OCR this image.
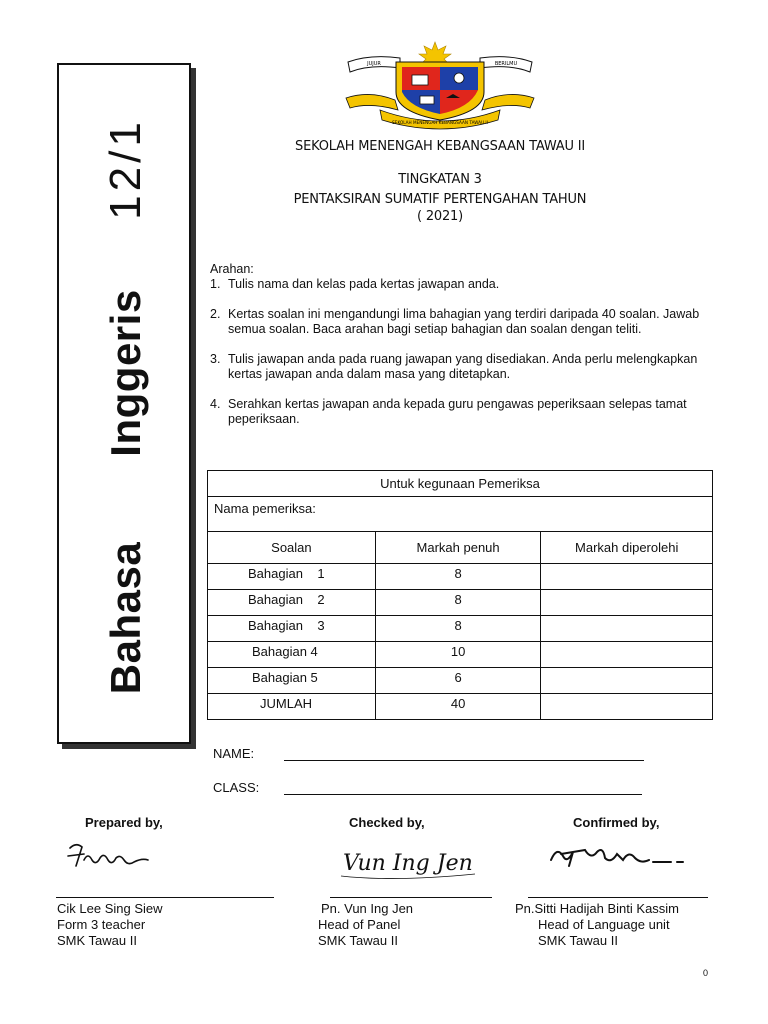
Bahasa
Inggeris
12/1
JUJUR	BERILMU
SEKOLAH MENENGAH KEBANGSAAN TAWAU II
SEKOLAH MENENGAH KEBANGSAAN TAWAU II
TINGKATAN 3
PENTAKSIRAN SUMATIF PERTENGAHAN TAHUN
( 2021)
Arahan:
1. Tulis nama dan kelas pada kertas jawapan anda.
2. Kertas soalan ini mengandungi lima bahagian yang terdiri daripada 40 soalan. Jawab semua soalan. Baca arahan bagi setiap bahagian dan soalan dengan teliti.
3. Tulis jawapan anda pada ruang jawapan yang disediakan. Anda perlu melengkapkan kertas jawapan anda dalam masa yang ditetapkan.
4. Serahkan kertas jawapan anda kepada guru pengawas peperiksaan selepas tamat peperiksaan.
Untuk kegunaan Pemeriksa		
Nama pemeriksa:		
Soalan	Markah penuh	Markah diperolehi
Bahagian    1	8	
Bahagian    2	8	
Bahagian    3	8	
Bahagian 4	10	
Bahagian 5	6	
JUMLAH	40	
NAME:
CLASS:
Prepared by,	Checked by,	Confirmed by,
Vun Ing Jen
Cik Lee Sing Siew
Form 3 teacher
SMK Tawau II
Pn. Vun Ing Jen
Head of Panel
SMK Tawau II
Pn.Sitti Hadijah Binti Kassim
Head of Language unit
SMK Tawau II
0
